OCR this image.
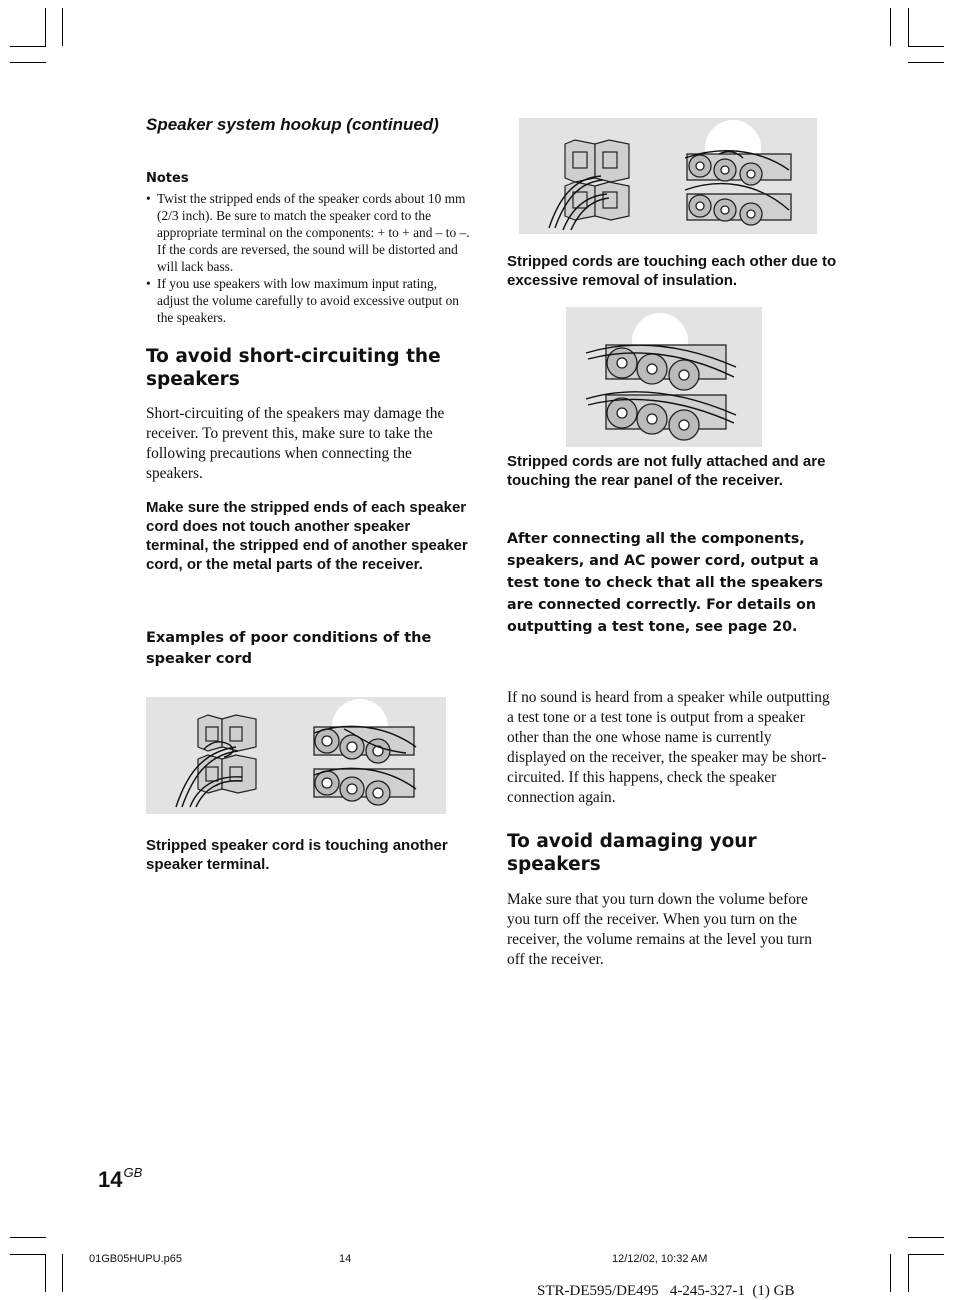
Speaker system hookup (continued)
Notes
• Twist the stripped ends of the speaker cords about 10 mm (2/3 inch). Be sure to match the speaker cord to the appropriate terminal on the components: + to + and – to –. If the cords are reversed, the sound will be distorted and will lack bass.
• If you use speakers with low maximum input rating, adjust the volume carefully to avoid excessive output on the speakers.
To avoid short-circuiting the speakers
Short-circuiting of the speakers may damage the receiver. To prevent this, make sure to take the following precautions when connecting the speakers.
Make sure the stripped ends of each speaker cord does not touch another speaker terminal, the stripped end of another speaker cord, or the metal parts of the receiver.
Examples of poor conditions of the speaker cord
Stripped speaker cord is touching another speaker terminal.
Stripped cords are touching each other due to excessive removal of insulation.
Stripped cords are not fully attached and are touching the rear panel of the receiver.
After connecting all the components, speakers, and AC power cord, output a test tone to check that all the speakers are connected correctly. For details on outputting a test tone, see page 20.
If no sound is heard from a speaker while outputting a test tone or a test tone is output from a speaker other than the one whose name is currently displayed on the receiver, the speaker may be short-circuited. If this happens, check the speaker connection again.
To avoid damaging your speakers
Make sure that you turn down the volume before you turn off the receiver. When you turn on the receiver, the volume remains at the level you turn off the receiver.
$14^{GB}$
01GB05HUPU.p65	14	12/12/02, 10:32 AM
STR-DE595/DE495   4-245-327-1  (1) GB
